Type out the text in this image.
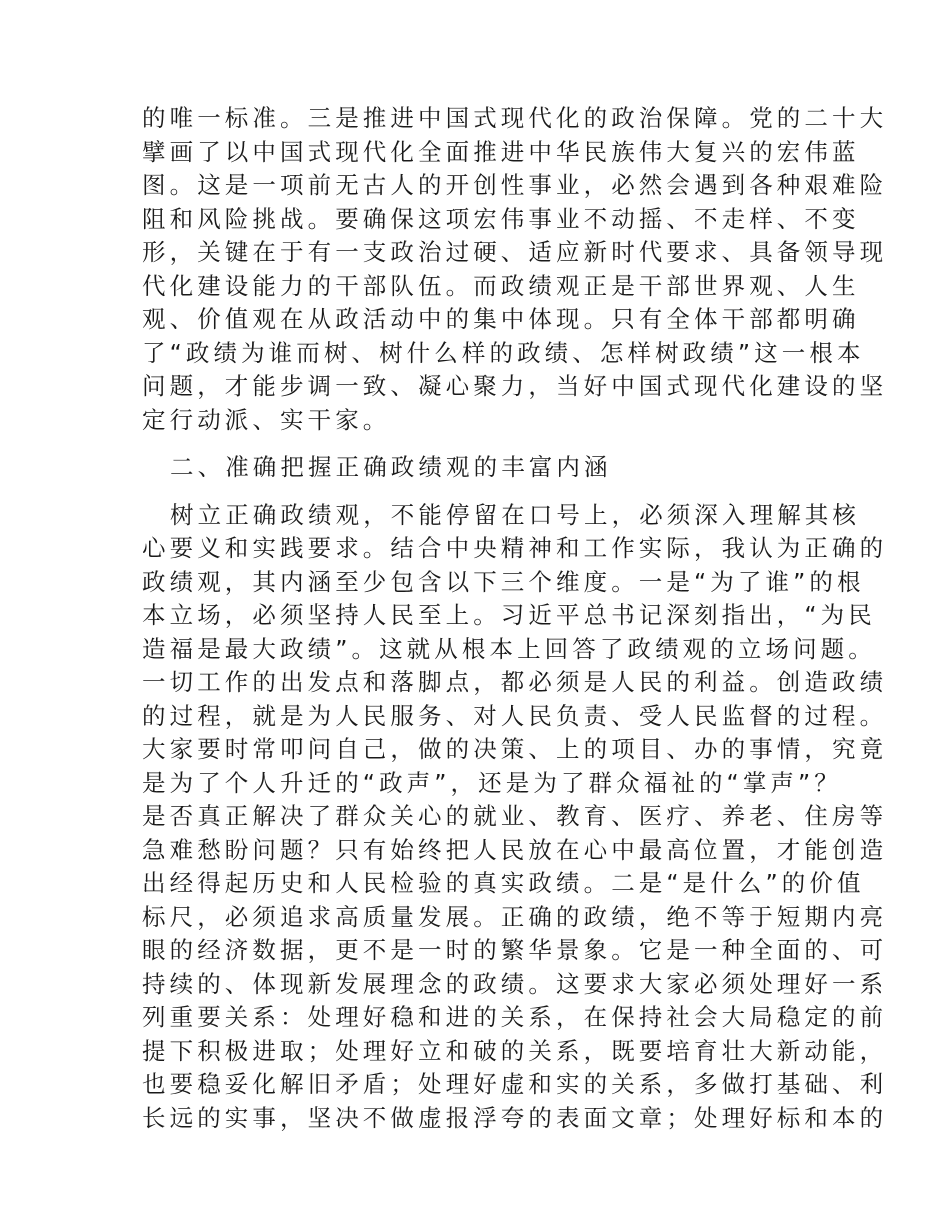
的唯一标准。三是推进中国式现代化的政治保障。党的二十大
擘画了以中国式现代化全面推进中华民族伟大复兴的宏伟蓝
图。这是一项前无古人的开创性事业，必然会遇到各种艰难险
阻和风险挑战。要确保这项宏伟事业不动摇、不走样、不变
形，关键在于有一支政治过硬、适应新时代要求、具备领导现
代化建设能力的干部队伍。而政绩观正是干部世界观、人生
观、价值观在从政活动中的集中体现。只有全体干部都明确
了“政绩为谁而树、树什么样的政绩、怎样树政绩”这一根本
问题，才能步调一致、凝心聚力，当好中国式现代化建设的坚
定行动派、实干家。
二、准确把握正确政绩观的丰富内涵
树立正确政绩观，不能停留在口号上，必须深入理解其核
心要义和实践要求。结合中央精神和工作实际，我认为正确的
政绩观，其内涵至少包含以下三个维度。一是“为了谁”的根
本立场，必须坚持人民至上。习近平总书记深刻指出，“为民
造福是最大政绩”。这就从根本上回答了政绩观的立场问题。
一切工作的出发点和落脚点，都必须是人民的利益。创造政绩
的过程，就是为人民服务、对人民负责、受人民监督的过程。
大家要时常叩问自己，做的决策、上的项目、办的事情，究竟
是为了个人升迁的“政声”，还是为了群众福祉的“掌声”？
是否真正解决了群众关心的就业、教育、医疗、养老、住房等
急难愁盼问题？只有始终把人民放在心中最高位置，才能创造
出经得起历史和人民检验的真实政绩。二是“是什么”的价值
标尺，必须追求高质量发展。正确的政绩，绝不等于短期内亮
眼的经济数据，更不是一时的繁华景象。它是一种全面的、可
持续的、体现新发展理念的政绩。这要求大家必须处理好一系
列重要关系：处理好稳和进的关系，在保持社会大局稳定的前
提下积极进取；处理好立和破的关系，既要培育壮大新动能，
也要稳妥化解旧矛盾；处理好虚和实的关系，多做打基础、利
长远的实事，坚决不做虚报浮夸的表面文章；处理好标和本的
